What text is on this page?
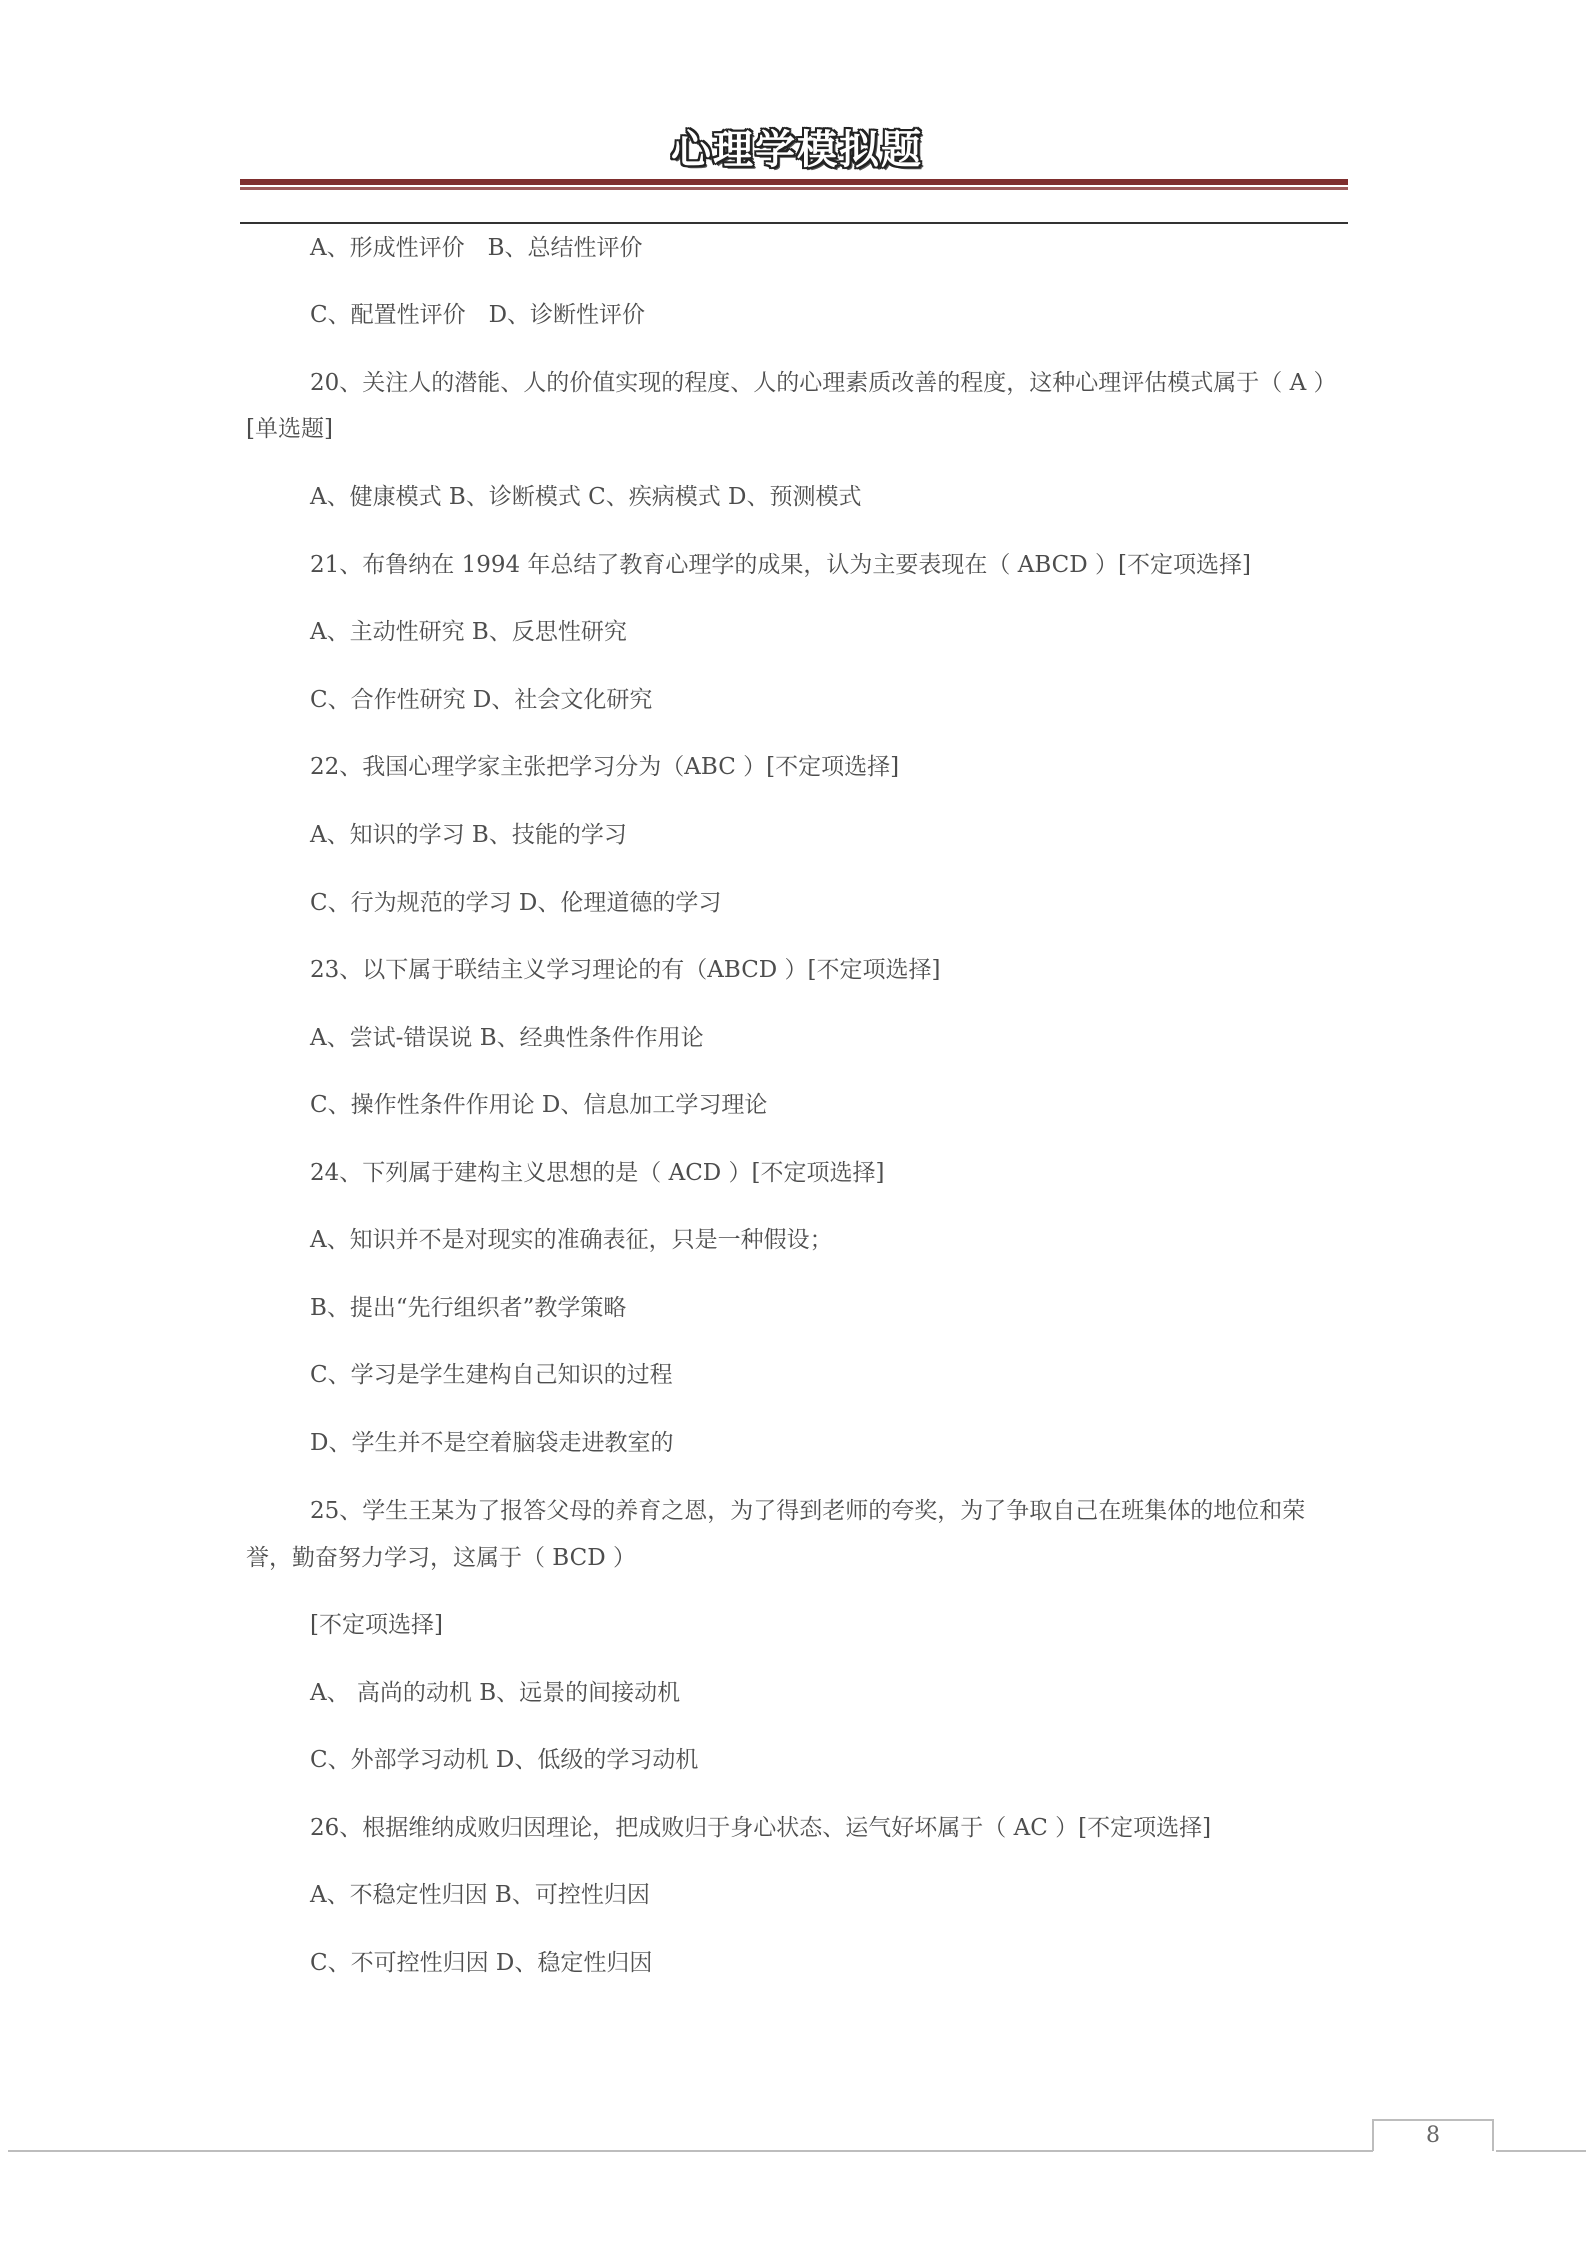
心理学模拟题
A、形成性评价　B、总结性评价
C、配置性评价　D、诊断性评价
20、关注人的潜能、人的价值实现的程度、人的心理素质改善的程度，这种心理评估模式属于（ A ）
[单选题]
A、健康模式 B、诊断模式 C、疾病模式 D、预测模式
21、布鲁纳在 1994 年总结了教育心理学的成果，认为主要表现在（ ABCD ）[不定项选择]
A、主动性研究 B、反思性研究
C、合作性研究 D、社会文化研究
22、我国心理学家主张把学习分为（ABC ）[不定项选择]
A、知识的学习 B、技能的学习
C、行为规范的学习 D、伦理道德的学习
23、以下属于联结主义学习理论的有（ABCD ）[不定项选择]
A、尝试-错误说 B、经典性条件作用论
C、操作性条件作用论 D、信息加工学习理论
24、下列属于建构主义思想的是（ ACD ）[不定项选择]
A、知识并不是对现实的准确表征，只是一种假设；
B、提出“先行组织者”教学策略
C、学习是学生建构自己知识的过程
D、学生并不是空着脑袋走进教室的
25、学生王某为了报答父母的养育之恩，为了得到老师的夸奖，为了争取自己在班集体的地位和荣
誉，勤奋努力学习，这属于（ BCD ）
[不定项选择]
A、 高尚的动机 B、远景的间接动机
C、外部学习动机 D、低级的学习动机
26、根据维纳成败归因理论，把成败归于身心状态、运气好坏属于（ AC ）[不定项选择]
A、不稳定性归因 B、可控性归因
C、不可控性归因 D、稳定性归因
8
